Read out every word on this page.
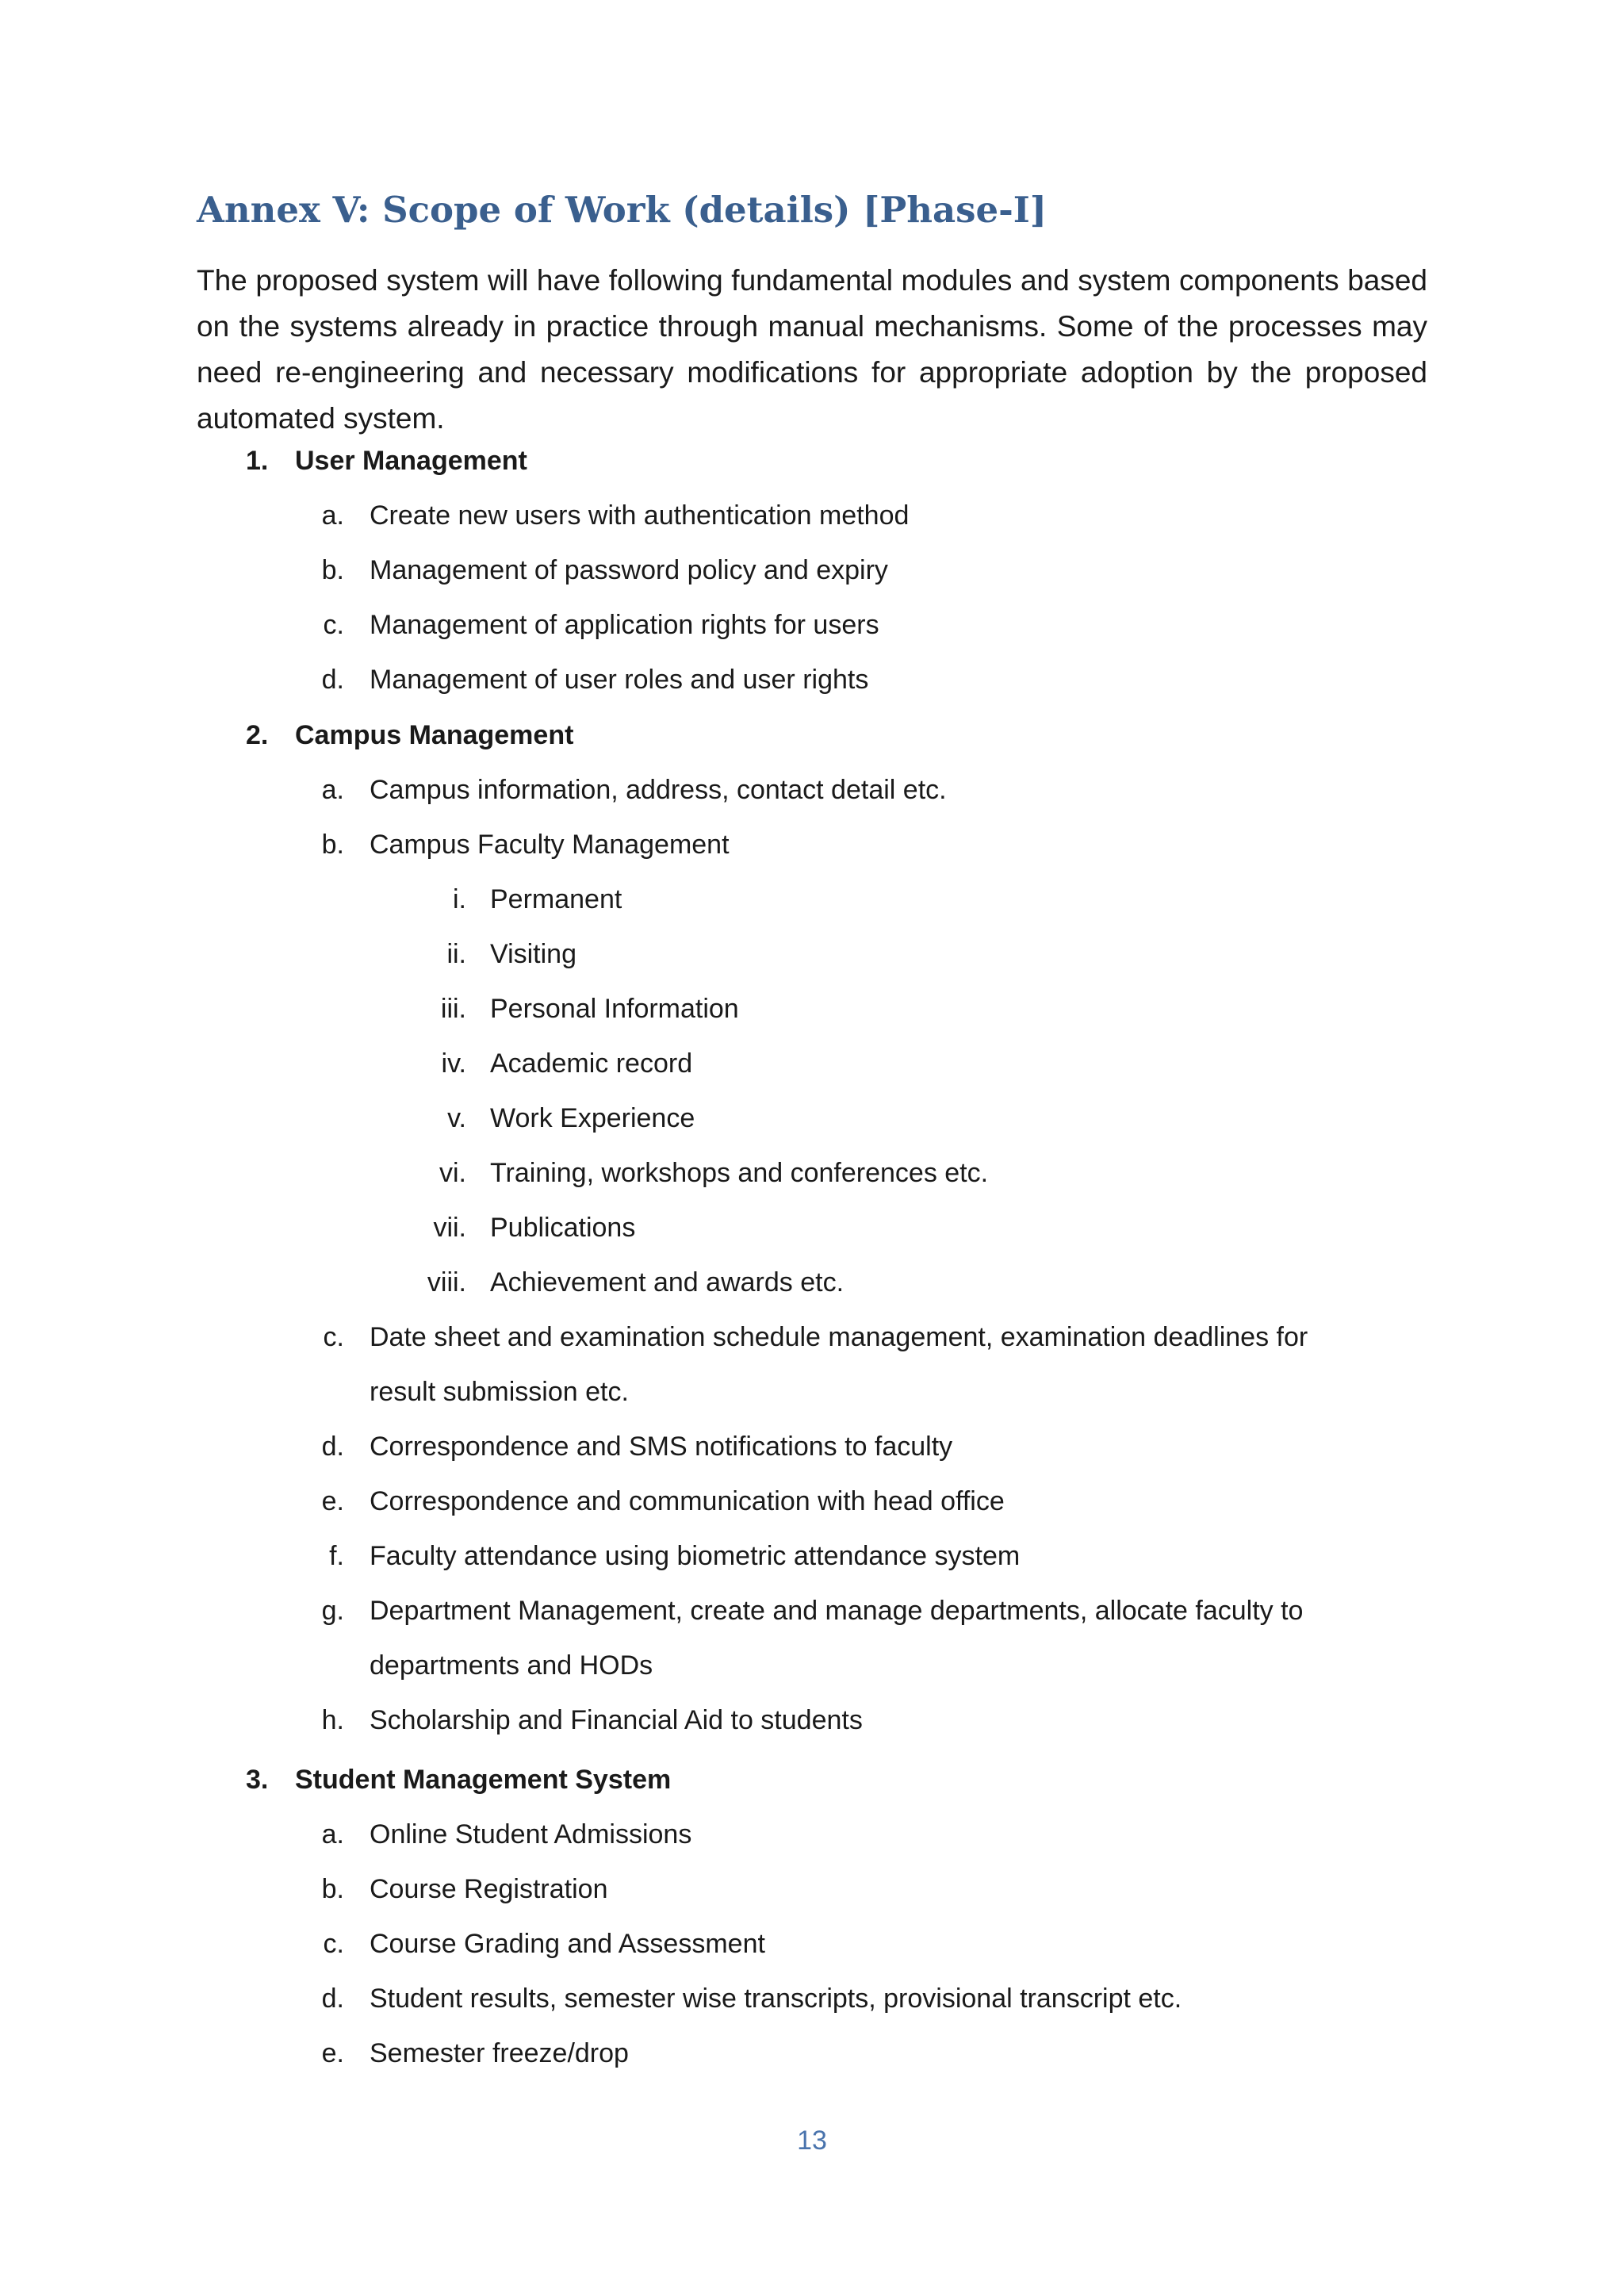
Annex V: Scope of Work (details) [Phase-I]

The proposed system will have following fundamental modules and system components based on the systems already in practice through manual mechanisms. Some of the processes may need re-engineering and necessary modifications for appropriate adoption by the proposed automated system.

1. User Management
a. Create new users with authentication method
b. Management of password policy and expiry
c. Management of application rights for users
d. Management of user roles and user rights
2. Campus Management
a. Campus information, address, contact detail etc.
b. Campus Faculty Management
i. Permanent
ii. Visiting
iii. Personal Information
iv. Academic record
v. Work Experience
vi. Training, workshops and conferences etc.
vii. Publications
viii. Achievement and awards etc.
c. Date sheet and examination schedule management, examination deadlines for result submission etc.
d. Correspondence and SMS notifications to faculty
e. Correspondence and communication with head office
f. Faculty attendance using biometric attendance system
g. Department Management, create and manage departments, allocate faculty to departments and HODs
h. Scholarship and Financial Aid to students
3. Student Management System
a. Online Student Admissions
b. Course Registration
c. Course Grading and Assessment
d. Student results, semester wise transcripts, provisional transcript etc.
e. Semester freeze/drop
13
